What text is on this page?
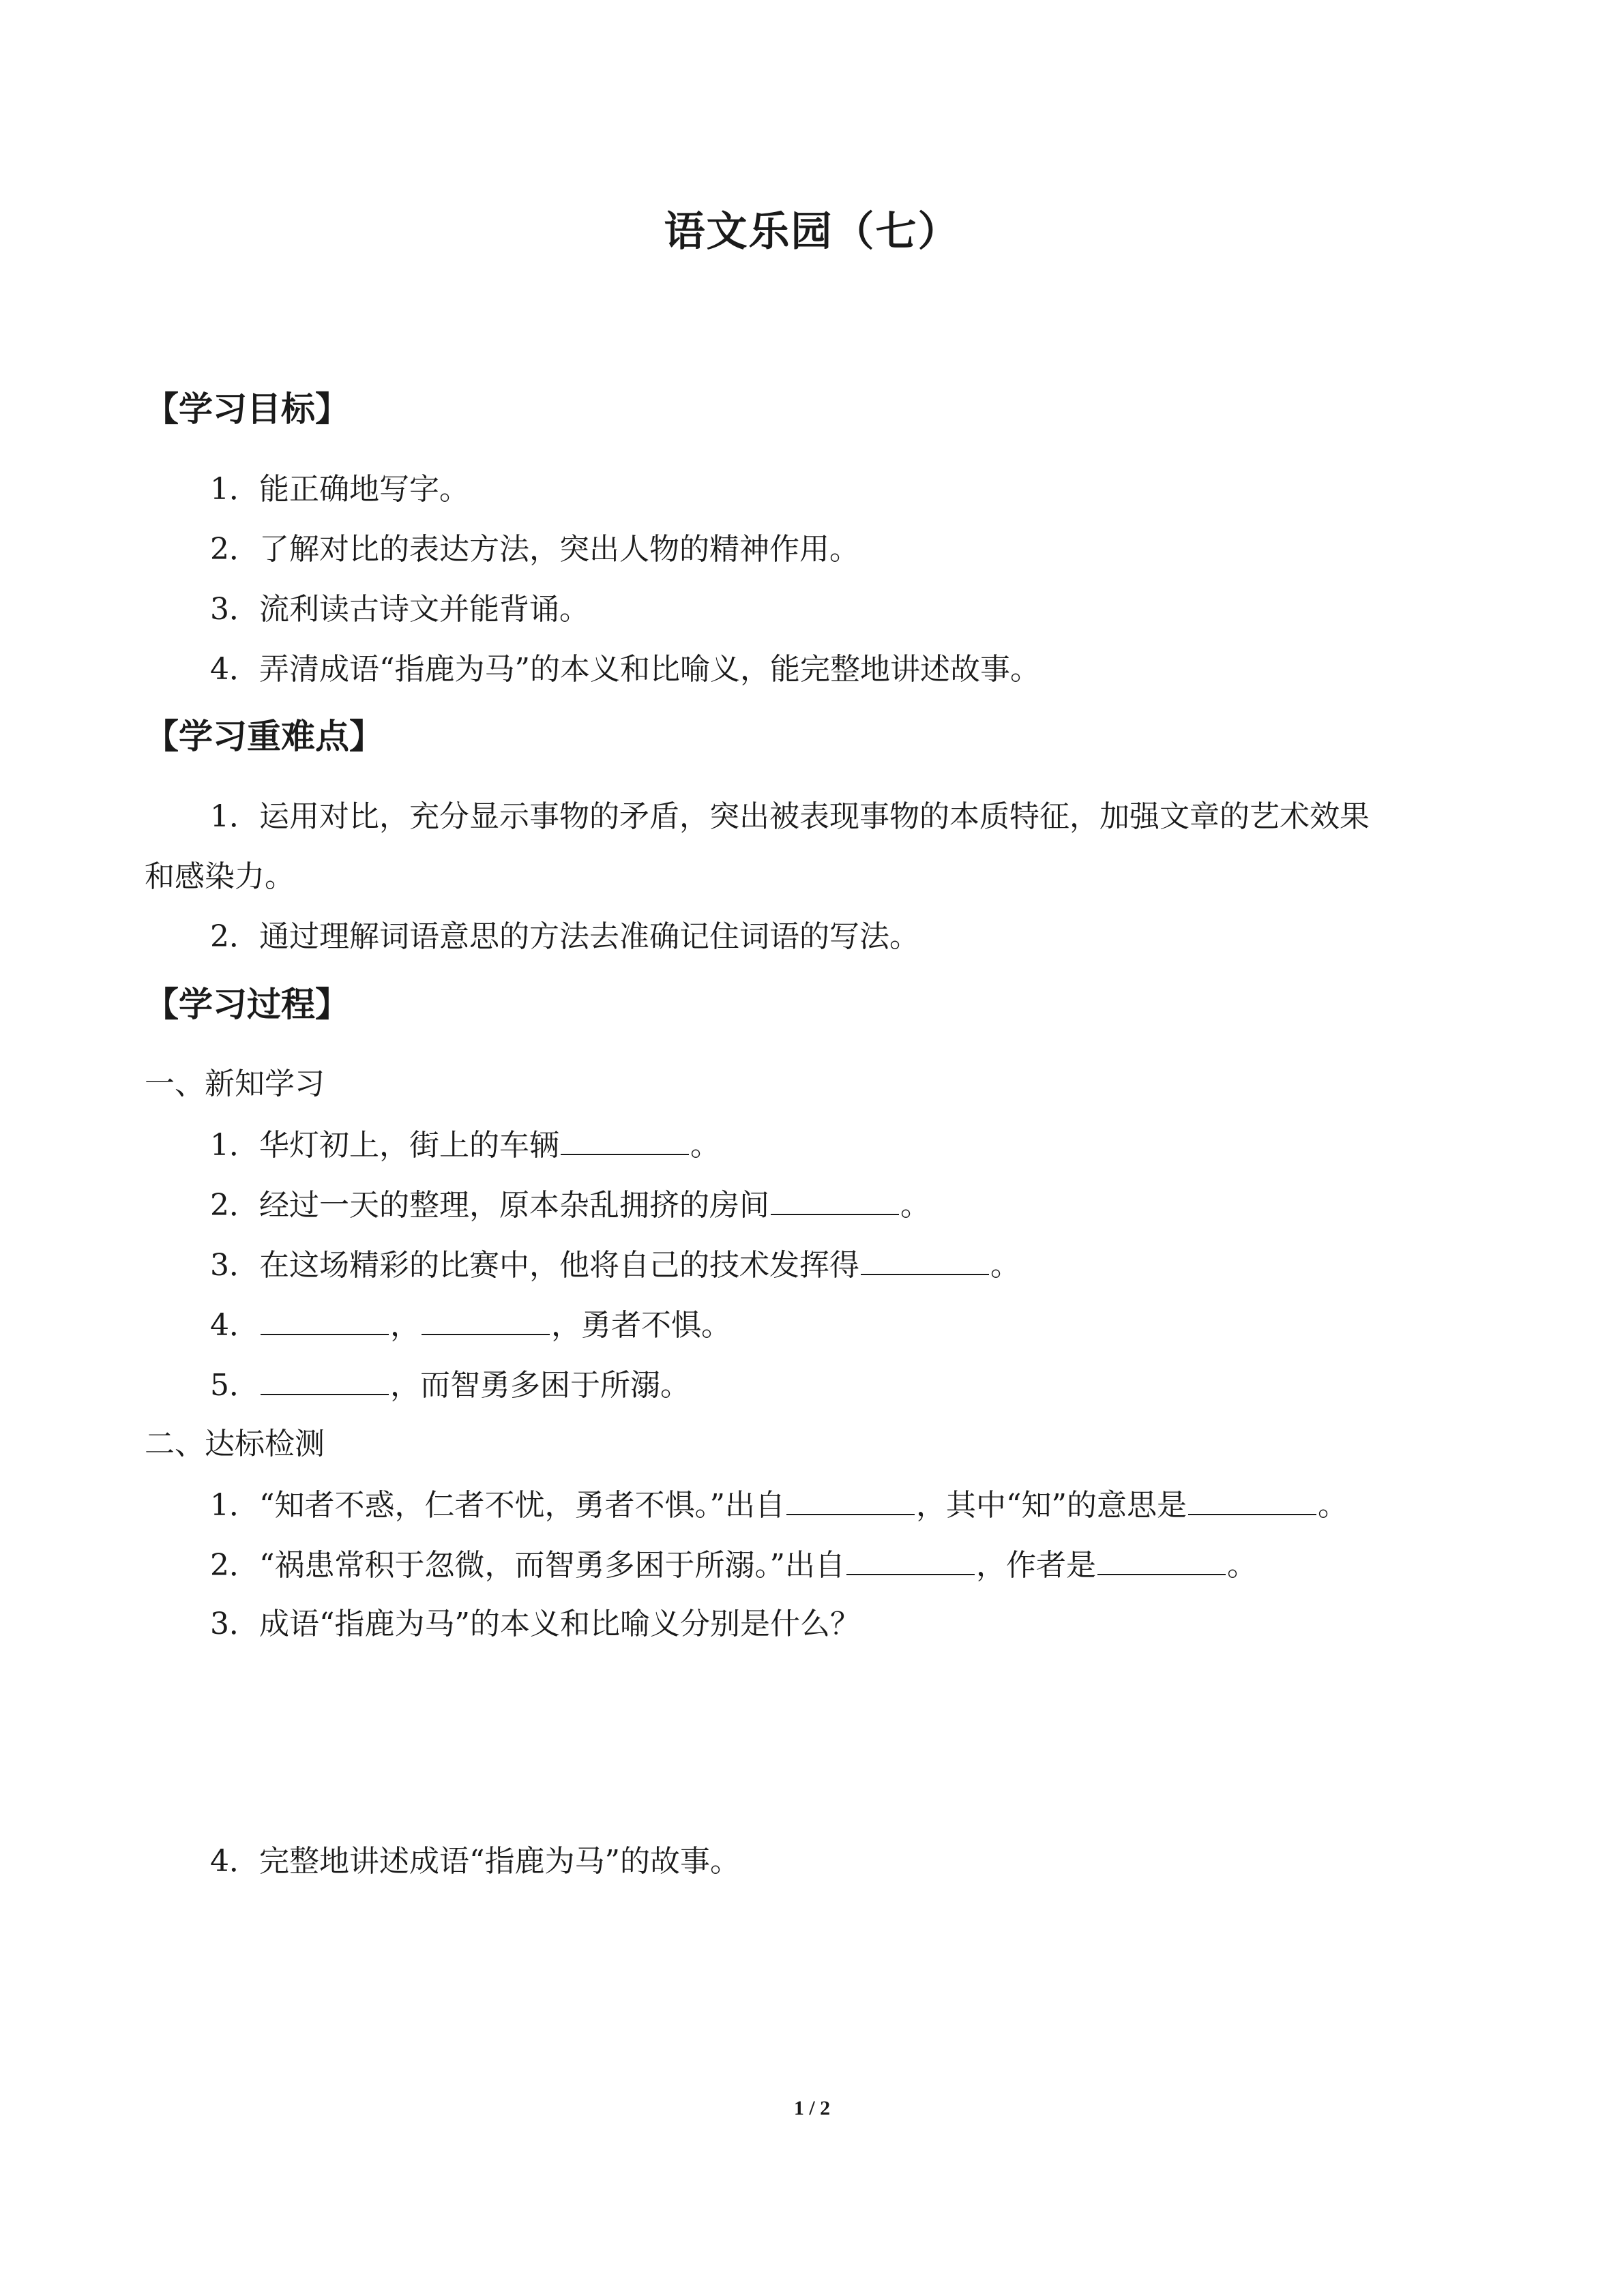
语文乐园（七）
【学习目标】
1．能正确地写字。
2．了解对比的表达方法，突出人物的精神作用。
3．流利读古诗文并能背诵。
4．弄清成语“指鹿为马”的本义和比喻义，能完整地讲述故事。
【学习重难点】
1．运用对比，充分显示事物的矛盾，突出被表现事物的本质特征，加强文章的艺术效果
和感染力。
2．通过理解词语意思的方法去准确记住词语的写法。
【学习过程】
一、新知学习
1．华灯初上，街上的车辆	。
2．经过一天的整理，原本杂乱拥挤的房间	。
3．在这场精彩的比赛中，他将自己的技术发挥得	。
4．	，	，勇者不惧。
5．	，而智勇多困于所溺。
二、达标检测
1．“知者不惑，仁者不忧，勇者不惧。”出自	，其中“知”的意思是	。
2．“祸患常积于忽微，而智勇多困于所溺。”出自	，作者是	。
3．成语“指鹿为马”的本义和比喻义分别是什么？
4．完整地讲述成语“指鹿为马”的故事。
1 / 2
